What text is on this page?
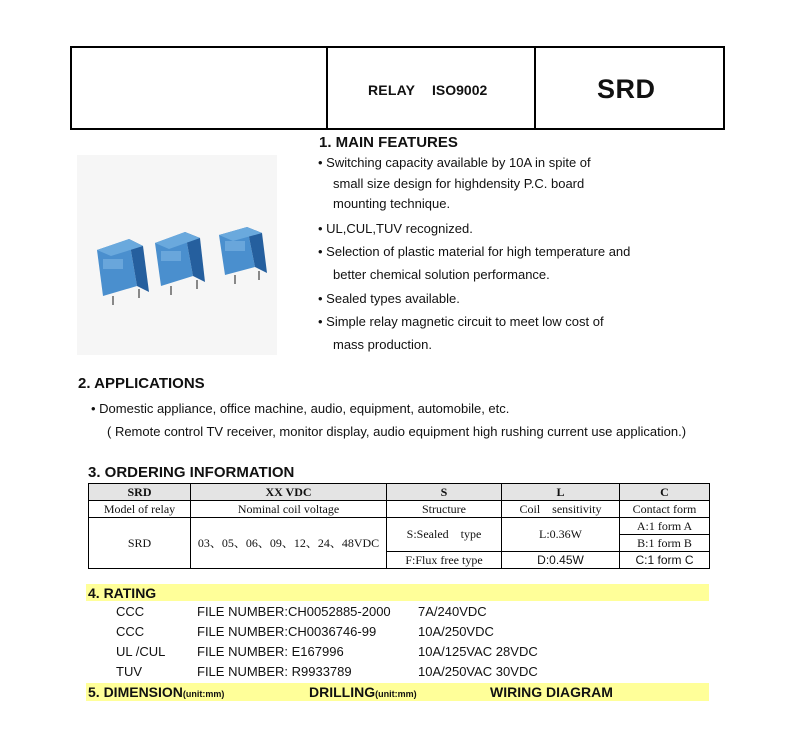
RELAY ISO9002	SRD
1. MAIN FEATURES
• Switching capacity available by 10A in spite of
small size design for highdensity P.C. board
mounting technique.
• UL,CUL,TUV recognized.
• Selection of plastic material for high temperature and
better chemical solution performance.
• Sealed types available.
• Simple relay magnetic circuit to meet low cost of
mass production.
2. APPLICATIONS
• Domestic appliance, office machine, audio, equipment, automobile, etc.
( Remote control TV receiver, monitor display, audio equipment high rushing current use application.)
3. ORDERING INFORMATION
SRD	XX VDC	S	L	C
Model of relay	Nominal coil voltage	Structure	Coil    sensitivity	Contact form
SRD	03、05、06、09、12、24、48VDC	S:Sealed    type	L:0.36W	A:1 form A
				B:1 form B
		F:Flux free type	D:0.45W	C:1 form C
4. RATING
CCC	FILE NUMBER:CH0052885-2000 7A/240VDC
CCC	FILE NUMBER:CH0036746-99	10A/250VDC
UL /CUL FILE NUMBER: E167996	10A/125VAC 28VDC
TUV	FILE NUMBER: R9933789	10A/250VAC 30VDC
5. DIMENSION(unit:mm)	DRILLING(unit:mm)	WIRING DIAGRAM
